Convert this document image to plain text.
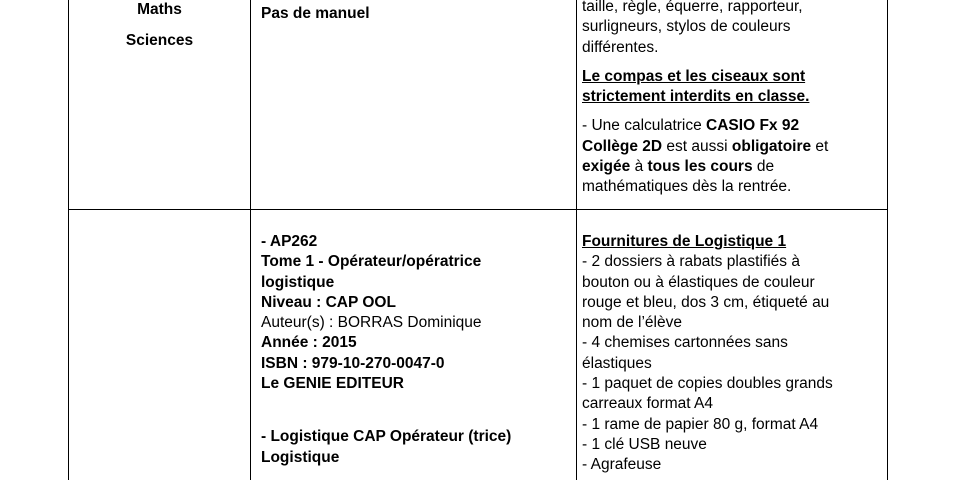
Maths
Sciences
Pas de manuel	taille, règle, équerre, rapporteur,
surligneurs, stylos de couleurs
différentes.
Le compas et les ciseaux sont
strictement interdits en classe.
- Une calculatrice CASIO Fx 92
Collège 2D est aussi obligatoire et
exigée à tous les cours de
mathématiques dès la rentrée.
- AP262
Tome 1 - Opérateur/opératrice
logistique
Niveau : CAP OOL
Auteur(s) : BORRAS Dominique
Année : 2015
ISBN : 979-10-270-0047-0
Le GENIE EDITEUR
- Logistique CAP Opérateur (trice)
Logistique
Fournitures de Logistique 1
- 2 dossiers à rabats plastifiés à
bouton ou à élastiques de couleur
rouge et bleu, dos 3 cm, étiqueté au
nom de l’élève
- 4 chemises cartonnées sans
élastiques
- 1 paquet de copies doubles grands
carreaux format A4
- 1 rame de papier 80 g, format A4
- 1 clé USB neuve
- Agrafeuse
